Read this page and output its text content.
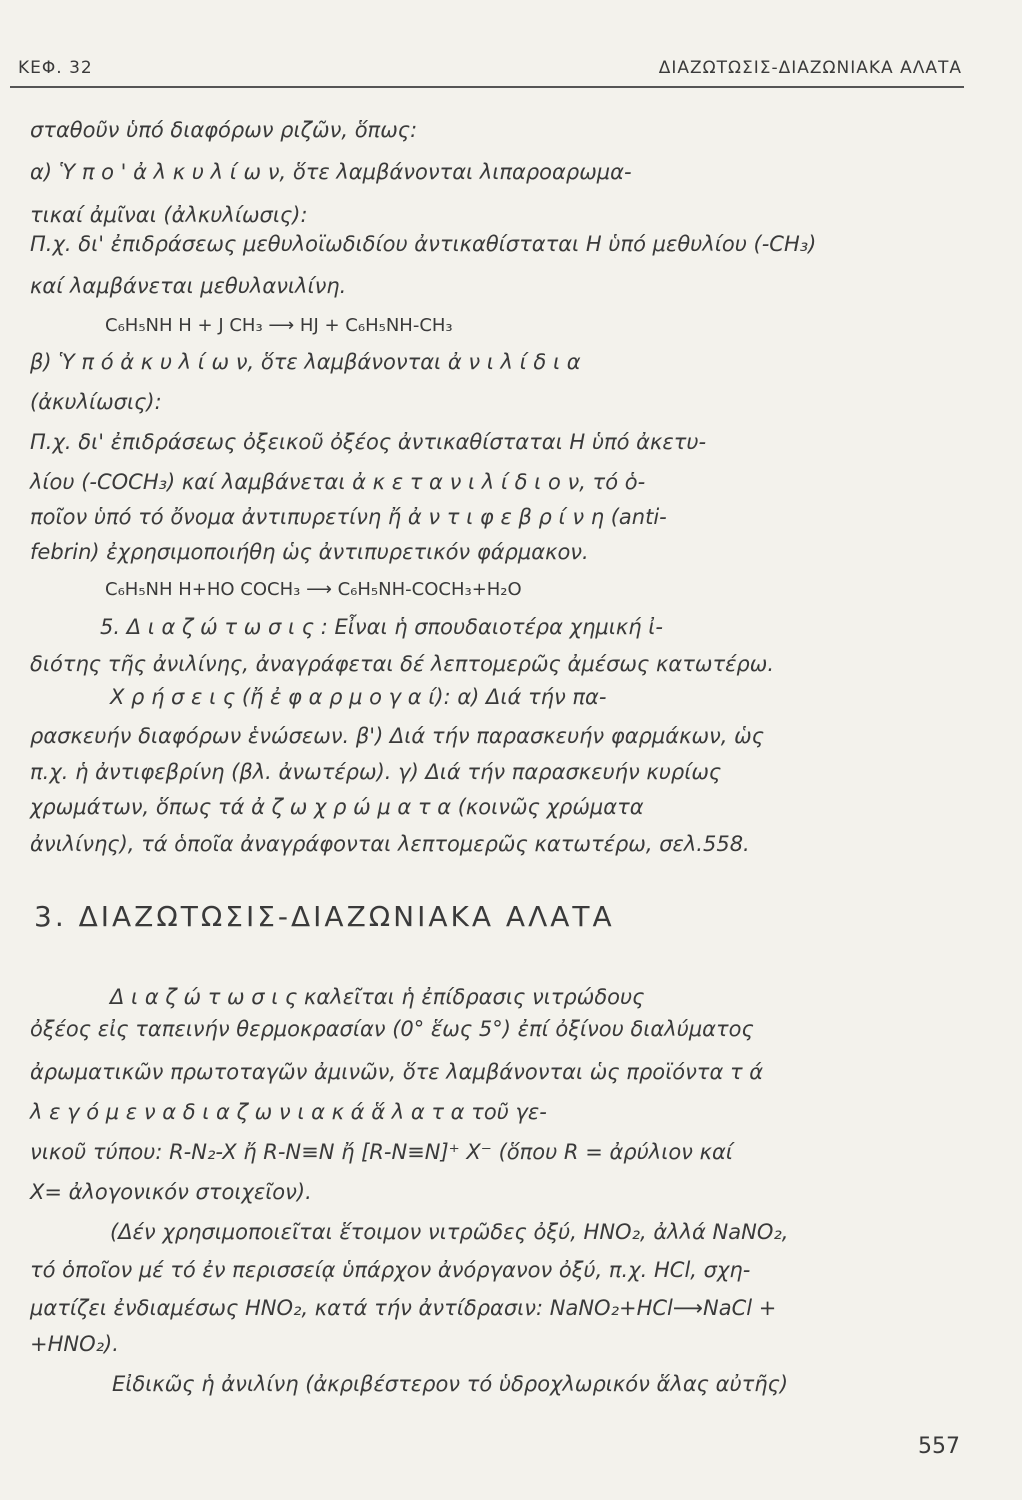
ΚΕΦ. 32	ΔΙΑΖΩΤΩΣΙΣ-ΔΙΑΖΩΝΙΑΚΑ ΑΛΑΤΑ
σταθοῦν ὑπό διαφόρων ριζῶν, ὅπως:
α) Ὑ π ο ' ἀ λ κ υ λ ί ω ν, ὅτε λαμβάνονται λιπαροαρωμα-
τικαί ἀμῖναι (ἀλκυλίωσις):
Π.χ. δι' ἐπιδράσεως μεθυλοϊωδιδίου ἀντικαθίσταται Η ὑπό μεθυλίου (-CH₃)
καί λαμβάνεται μεθυλανιλίνη.
C₆H₅NH H + J CH₃ ⟶ HJ + C₆H₅NH-CH₃
β) Ὑ π ό ἀ κ υ λ ί ω ν, ὅτε λαμβάνονται ἀ ν ι λ ί δ ι α
(ἀκυλίωσις):
Π.χ. δι' ἐπιδράσεως ὀξεικοῦ ὀξέος ἀντικαθίσταται Η ὑπό ἀκετυ-
λίου (-COCH₃) καί λαμβάνεται ἀ κ ε τ α ν ι λ ί δ ι ο ν, τό ὁ-
ποῖον ὑπό τό ὄνομα ἀντιπυρετίνη ἤ ἀ ν τ ι φ ε β ρ ί ν η (anti-
febrin) ἐχρησιμοποιήθη ὡς ἀντιπυρετικόν φάρμακον.
C₆H₅NH H+HO COCH₃ ⟶ C₆H₅NH-COCH₃+H₂O
5. Δ ι α ζ ώ τ ω σ ι ς : Εἶναι ἡ σπουδαιοτέρα χημική ἰ-
διότης τῆς ἀνιλίνης, ἀναγράφεται δέ λεπτομερῶς ἀμέσως κατωτέρω.
Χ ρ ή σ ε ι ς (ἤ ἐ φ α ρ μ ο γ α ί): α) Διά τήν πα-
ρασκευήν διαφόρων ἑνώσεων. β') Διά τήν παρασκευήν φαρμάκων, ὡς
π.χ. ἡ ἀντιφεβρίνη (βλ. ἀνωτέρω). γ) Διά τήν παρασκευήν κυρίως
χρωμάτων, ὅπως τά ἀ ζ ω χ ρ ώ μ α τ α (κοινῶς χρώματα
ἀνιλίνης), τά ὁποῖα ἀναγράφονται λεπτομερῶς κατωτέρω, σελ.558.
3. ΔΙΑΖΩΤΩΣΙΣ-ΔΙΑΖΩΝΙΑΚΑ ΑΛΑΤΑ
Δ ι α ζ ώ τ ω σ ι ς καλεῖται ἡ ἐπίδρασις νιτρώδους
ὀξέος εἰς ταπεινήν θερμοκρασίαν (0° ἕως 5°) ἐπί ὀξίνου διαλύματος
ἀρωματικῶν πρωτοταγῶν ἀμινῶν, ὅτε λαμβάνονται ὡς προϊόντα τ ά
λ ε γ ό μ ε ν α δ ι α ζ ω ν ι α κ ά ἅ λ α τ α τοῦ γε-
νικοῦ τύπου: R-N₂-X ἤ R-N≡N ἤ [R-N≡N]⁺ X⁻ (ὅπου R = ἀρύλιον καί
X= ἀλογονικόν στοιχεῖον).
(Δέν χρησιμοποιεῖται ἕτοιμον νιτρῶδες ὀξύ, HNO₂, ἀλλά NaNO₂,
τό ὁποῖον μέ τό ἐν περισσείᾳ ὑπάρχον ἀνόργανον ὀξύ, π.χ. HCl, σχη-
ματίζει ἐνδιαμέσως HNO₂, κατά τήν ἀντίδρασιν: NaNO₂+HCl⟶NaCl +
+HNO₂).
Εἰδικῶς ἡ ἀνιλίνη (ἀκριβέστερον τό ὑδροχλωρικόν ἅλας αὐτῆς)
557
